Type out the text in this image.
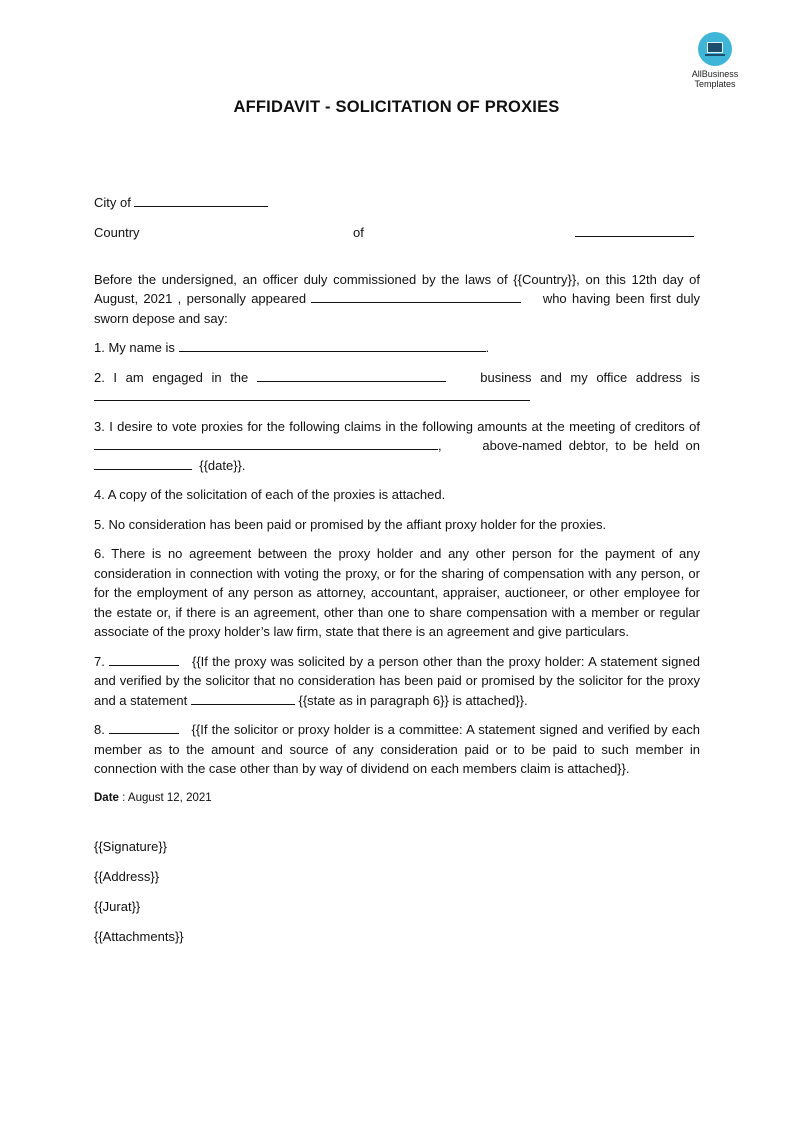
AllBusiness
Templates
AFFIDAVIT - SOLICITATION OF PROXIES

City of

Country	of

Before the undersigned, an officer duly commissioned by the laws of {{Country}}, on this 12th day of August, 2021 , personally appeared	who having been first duly sworn depose and say:

1. My name is	.

2. I am engaged in the	business and my office address is

3. I desire to vote proxies for the following claims in the following amounts at the meeting of creditors of ,	above-named debtor, to be held on   {{date}}.

4. A copy of the solicitation of each of the proxies is attached.

5. No consideration has been paid or promised by the affiant proxy holder for the proxies.

6. There is no agreement between the proxy holder and any other person for the payment of any consideration in connection with voting the proxy, or for the sharing of compensation with any person, or for the employment of any person as attorney, accountant, appraiser, auctioneer, or other employee for the estate or, if there is an agreement, other than one to share compensation with a member or regular associate of the proxy holder’s law firm, state that there is an agreement and give particulars.

7.	{{If the proxy was solicited by a person other than the proxy holder: A statement signed and verified by the solicitor that no consideration has been paid or promised by the solicitor for the proxy and a statement	{{state as in paragraph 6}} is attached}}.

8.	{{If the solicitor or proxy holder is a committee: A statement signed and verified by each member as to the amount and source of any consideration paid or to be paid to such member in connection with the case other than by way of dividend on each members claim is attached}}.

Date : August 12, 2021

{{Signature}}

{{Address}}

{{Jurat}}

{{Attachments}}
